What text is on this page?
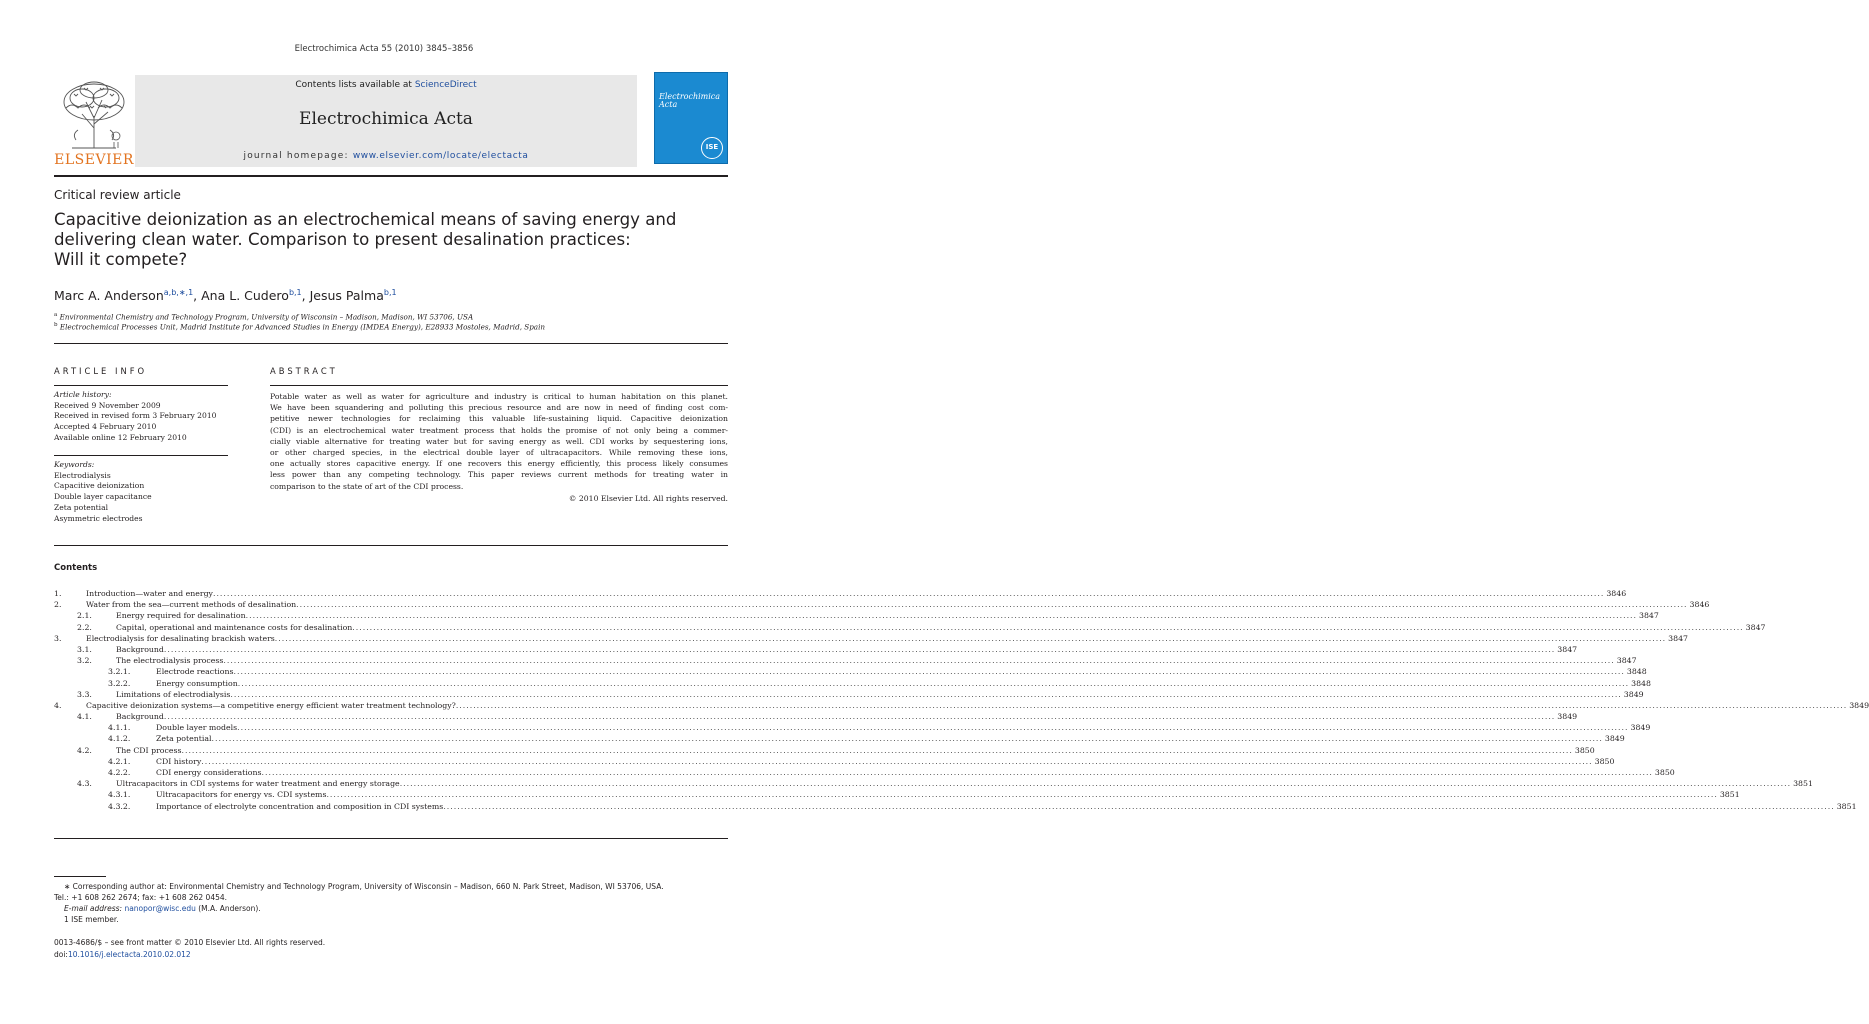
Electrochimica Acta 55 (2010) 3845–3856
ELSEVIER
Contents lists available at ScienceDirect
Electrochimica Acta
journal homepage: www.elsevier.com/locate/electacta
Electrochimica Acta
ISE
Critical review article
Capacitive deionization as an electrochemical means of saving energy and
delivering clean water. Comparison to present desalination practices:
Will it compete?
Marc A. Anderson$^{a,b,∗,1}$, Ana L. Cudero$^{b,1}$, Jesus Palma$^{b,1}$
$^a$ Environmental Chemistry and Technology Program, University of Wisconsin – Madison, Madison, WI 53706, USA
$^b$ Electrochemical Processes Unit, Madrid Institute for Advanced Studies in Energy (IMDEA Energy), E28933 Mostoles, Madrid, Spain
ARTICLE INFO
Article history:
Received 9 November 2009
Received in revised form 3 February 2010
Accepted 4 February 2010
Available online 12 February 2010
Keywords:
Electrodialysis
Capacitive deionization
Double layer capacitance
Zeta potential
Asymmetric electrodes
ABSTRACT
Potable water as well as water for agriculture and industry is critical to human habitation on this planet.
We have been squandering and polluting this precious resource and are now in need of finding cost com-
petitive newer technologies for reclaiming this valuable life-sustaining liquid. Capacitive deionization
(CDI) is an electrochemical water treatment process that holds the promise of not only being a commer-
cially viable alternative for treating water but for saving energy as well. CDI works by sequestering ions,
or other charged species, in the electrical double layer of ultracapacitors. While removing these ions,
one actually stores capacitive energy. If one recovers this energy efficiently, this process likely consumes
less power than any competing technology. This paper reviews current methods for treating water in
comparison to the state of art of the CDI process.
© 2010 Elsevier Ltd. All rights reserved.
Contents
1.	Introduction—water and energy ................................................................................................................................................................................................................................................................................................................................................................................................................ 3846
2.	Water from the sea—current methods of desalination ................................................................................................................................................................................................................................................................................................................................................................................................................ 3846
2.1.	Energy required for desalination ................................................................................................................................................................................................................................................................................................................................................................................................................ 3847
2.2.	Capital, operational and maintenance costs for desalination ................................................................................................................................................................................................................................................................................................................................................................................................................ 3847
3.	Electrodialysis for desalinating brackish waters ................................................................................................................................................................................................................................................................................................................................................................................................................ 3847
3.1.	Background ................................................................................................................................................................................................................................................................................................................................................................................................................ 3847
3.2.	The electrodialysis process ................................................................................................................................................................................................................................................................................................................................................................................................................ 3847
3.2.1.	Electrode reactions ................................................................................................................................................................................................................................................................................................................................................................................................................ 3848
3.2.2.	Energy consumption ................................................................................................................................................................................................................................................................................................................................................................................................................ 3848
3.3.	Limitations of electrodialysis ................................................................................................................................................................................................................................................................................................................................................................................................................ 3849
4.	Capacitive deionization systems—a competitive energy efficient water treatment technology? ................................................................................................................................................................................................................................................................................................................................................................................................................ 3849
4.1.	Background ................................................................................................................................................................................................................................................................................................................................................................................................................ 3849
4.1.1.	Double layer models ................................................................................................................................................................................................................................................................................................................................................................................................................ 3849
4.1.2.	Zeta potential ................................................................................................................................................................................................................................................................................................................................................................................................................ 3849
4.2.	The CDI process ................................................................................................................................................................................................................................................................................................................................................................................................................ 3850
4.2.1.	CDI history ................................................................................................................................................................................................................................................................................................................................................................................................................ 3850
4.2.2.	CDI energy considerations ................................................................................................................................................................................................................................................................................................................................................................................................................ 3850
4.3.	Ultracapacitors in CDI systems for water treatment and energy storage ................................................................................................................................................................................................................................................................................................................................................................................................................ 3851
4.3.1.	Ultracapacitors for energy vs. CDI systems ................................................................................................................................................................................................................................................................................................................................................................................................................ 3851
4.3.2.	Importance of electrolyte concentration and composition in CDI systems ................................................................................................................................................................................................................................................................................................................................................................................................................ 3851
∗ Corresponding author at: Environmental Chemistry and Technology Program, University of Wisconsin – Madison, 660 N. Park Street, Madison, WI 53706, USA.
Tel.: +1 608 262 2674; fax: +1 608 262 0454.
E-mail address: nanopor@wisc.edu (M.A. Anderson).
1 ISE member.
0013-4686/$ – see front matter © 2010 Elsevier Ltd. All rights reserved.
doi:10.1016/j.electacta.2010.02.012
